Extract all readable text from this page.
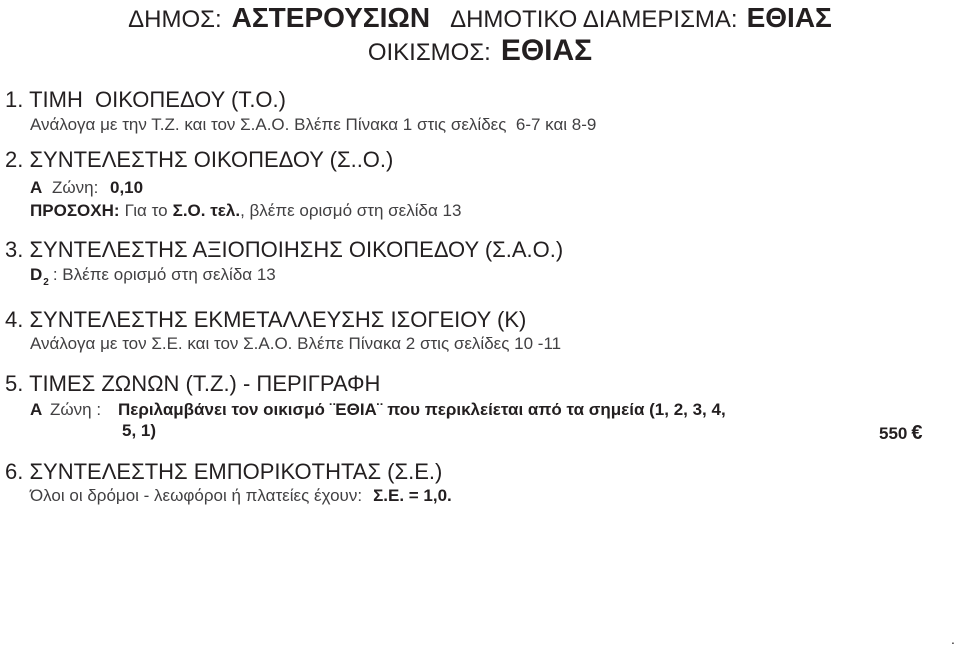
ΔΗΜΟΣ: ΑΣΤΕΡΟΥΣΙΩΝ ΔΗΜΟΤΙΚΟ ΔΙΑΜΕΡΙΣΜΑ: ΕΘΙΑΣ
ΟΙΚΙΣΜΟΣ: ΕΘΙΑΣ
1. ΤΙΜΗ  ΟΙΚΟΠΕΔΟΥ (Τ.Ο.)
Ανάλογα με την Τ.Ζ. και τον Σ.Α.Ο. Βλέπε Πίνακα 1 στις σελίδες  6-7 και 8-9
2. ΣΥΝΤΕΛΕΣΤΗΣ ΟΙΚΟΠΕΔΟΥ (Σ..Ο.)
Α Ζώνη: 0,10
ΠΡΟΣΟΧΗ: Για το Σ.Ο. τελ., βλέπε ορισμό στη σελίδα 13
3. ΣΥΝΤΕΛΕΣΤΗΣ ΑΞΙΟΠΟΙΗΣΗΣ ΟΙΚΟΠΕΔΟΥ (Σ.Α.Ο.)
$D_2$ : Βλέπε ορισμό στη σελίδα 13
4. ΣΥΝΤΕΛΕΣΤΗΣ ΕΚΜΕΤΑΛΛΕΥΣΗΣ ΙΣΟΓΕΙΟΥ (Κ)
Ανάλογα με τον Σ.Ε. και τον Σ.Α.Ο. Βλέπε Πίνακα 2 στις σελίδες 10 -11
5. ΤΙΜΕΣ ΖΩΝΩΝ (Τ.Ζ.) - ΠΕΡΙΓΡΑΦΗ
Α Ζώνη : Περιλαμβάνει τον οικισμό ¨ΕΘΙΑ¨ που περικλείεται από τα σημεία (1, 2, 3, 4,
5, 1)	550 €
6. ΣΥΝΤΕΛΕΣΤΗΣ ΕΜΠΟΡΙΚΟΤΗΤΑΣ (Σ.Ε.)
Όλοι οι δρόμοι - λεωφόροι ή πλατείες έχουν: Σ.Ε. = 1,0.
.
